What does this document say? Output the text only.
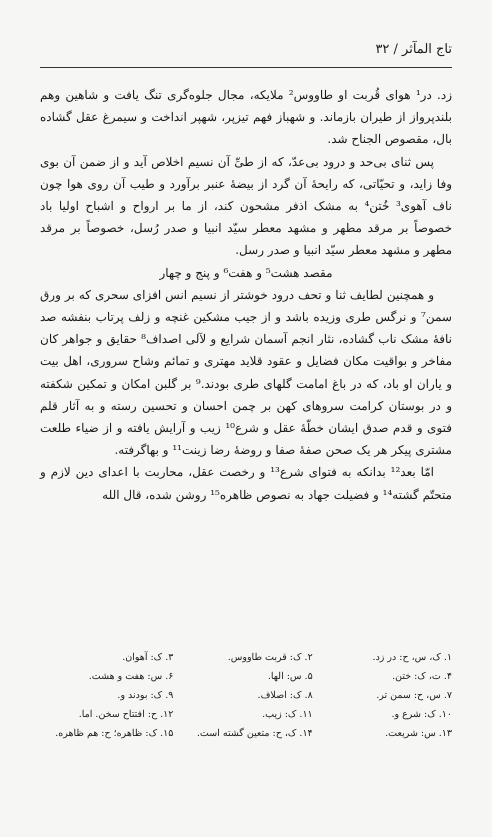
تاج المآثر / ۳۲

زد. در¹ هوای قُربت او طاووس² ملایکه، مجال جلوه‌گری تنگ یافت و شاهین وهم بلندپرواز از طیران بازماند. و شهباز فهم تیزپر، شهپر انداخت و سیمرغ عقل گشاده بال، مقصوص الجناح شد.

پس ثنای بی‌حد و درود بی‌عدّ، که از طیِّ آن نسیم اخلاص آید و از ضمن آن بوی وفا زاید، و تحیّاتی، که رایحهٔ آن گرد از بیضهٔ عنبر برآورد و طیب آن روی هوا چون ناف آهوی³ خُتن⁴ به مشک اذفر مشحون کند، از ما بر ارواح و اشباح اولیا باد خصوصاً بر مرقد مطهر و مشهد معطر سیّد انبیا و صدر رُسل، خصوصاً بر مرقد مطهر و مشهد معطر سیّد انبیا و صدر رسل.

مقصد هشت⁵ و هفت⁶ و پنج و چهار

و همچنین لطایف ثنا و تحف درود خوشتر از نسیم انس افزای سحری که بر ورق سمن⁷ و نرگس طری وزیده باشد و از جیب مشکین غنچه و زلف پرتاب بنفشه صد نافهٔ مشک ناب گشاده، نثار انجم آسمان شرایع و لآلی اصداف⁸ حقایق و جواهر کان مفاخر و بواقیت مکان فضایل و عقود قلاید مهتری و تمائم وشاح سروری، اهل بیت و یاران او باد، که در باغ امامت گلهای طری بودند.⁹ بر گلبن امکان و تمکین شکفته و در بوستان کرامت سروهای کهن بر چمن احسان و تحسین رسته و به آثار قلم فتوی و قدم صدق ایشان خطّهٔ عقل و شرع¹⁰ زیب و آرایش یافته و از ضیاء طلعت مشتری پیکر هر یک صحن صفهٔ صفا و روضهٔ رضا زینت¹¹ و بهاگرفته.

امّا بعد¹² بدانکه به فتوای شرع¹³ و رخصت عقل، محاربت با اعدای دین لازم و متحتّم گشته¹⁴ و فضیلت جهاد به نصوص ظاهره¹⁵ روشن شده، قال الله

۱. ک، س، ح: در زد.
۲. ک: قربت طاووس.
۳. ک: آهوان.
۴. ت، ک: ختن.
۵. س: الها.
۶. س: هفت و هشت.
۷. س، ح: سمن تر.
۸. ک: اصلاف.
۹. ک: بودند و.
۱۰. ک: شرع و.
۱۱. ک: زیب.
۱۲. ح: افتتاح سخن. اما.
۱۳. س: شریعت.
۱۴. ک، ح: متعین گشته است.
۱۵. ک: ظاهره؛ ح: هم ظاهره.
